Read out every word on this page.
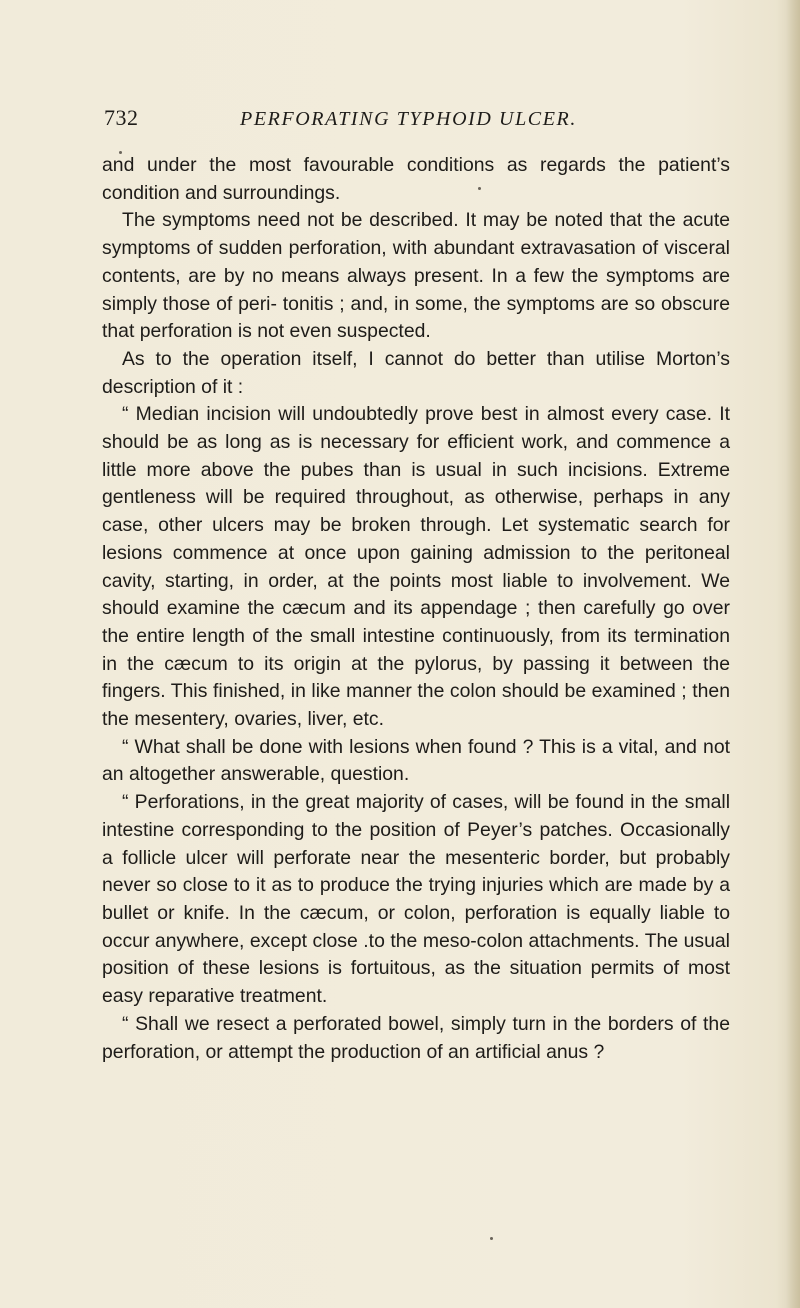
732	PERFORATING TYPHOID ULCER.

and under the most favourable conditions as regards the patient’s condition and surroundings.

The symptoms need not be described. It may be noted that the acute symptoms of sudden perforation, with abundant extravasation of visceral contents, are by no means always present. In a few the symptoms are simply those of peri- tonitis ; and, in some, the symptoms are so obscure that perforation is not even suspected.

As to the operation itself, I cannot do better than utilise Morton’s description of it :

“ Median incision will undoubtedly prove best in almost every case. It should be as long as is necessary for efficient work, and commence a little more above the pubes than is usual in such incisions. Extreme gentleness will be required throughout, as otherwise, perhaps in any case, other ulcers may be broken through. Let systematic search for lesions commence at once upon gaining admission to the peritoneal cavity, starting, in order, at the points most liable to involvement. We should examine the cæcum and its appendage ; then carefully go over the entire length of the small intestine continuously, from its termination in the cæcum to its origin at the pylorus, by passing it between the fingers. This finished, in like manner the colon should be examined ; then the mesentery, ovaries, liver, etc.

“ What shall be done with lesions when found ? This is a vital, and not an altogether answerable, question.

“ Perforations, in the great majority of cases, will be found in the small intestine corresponding to the position of Peyer’s patches. Occasionally a follicle ulcer will perforate near the mesenteric border, but probably never so close to it as to produce the trying injuries which are made by a bullet or knife. In the cæcum, or colon, perforation is equally liable to occur anywhere, except close .to the meso-colon attachments. The usual position of these lesions is fortuitous, as the situation permits of most easy reparative treatment.

“ Shall we resect a perforated bowel, simply turn in the borders of the perforation, or attempt the production of an artificial anus ?
